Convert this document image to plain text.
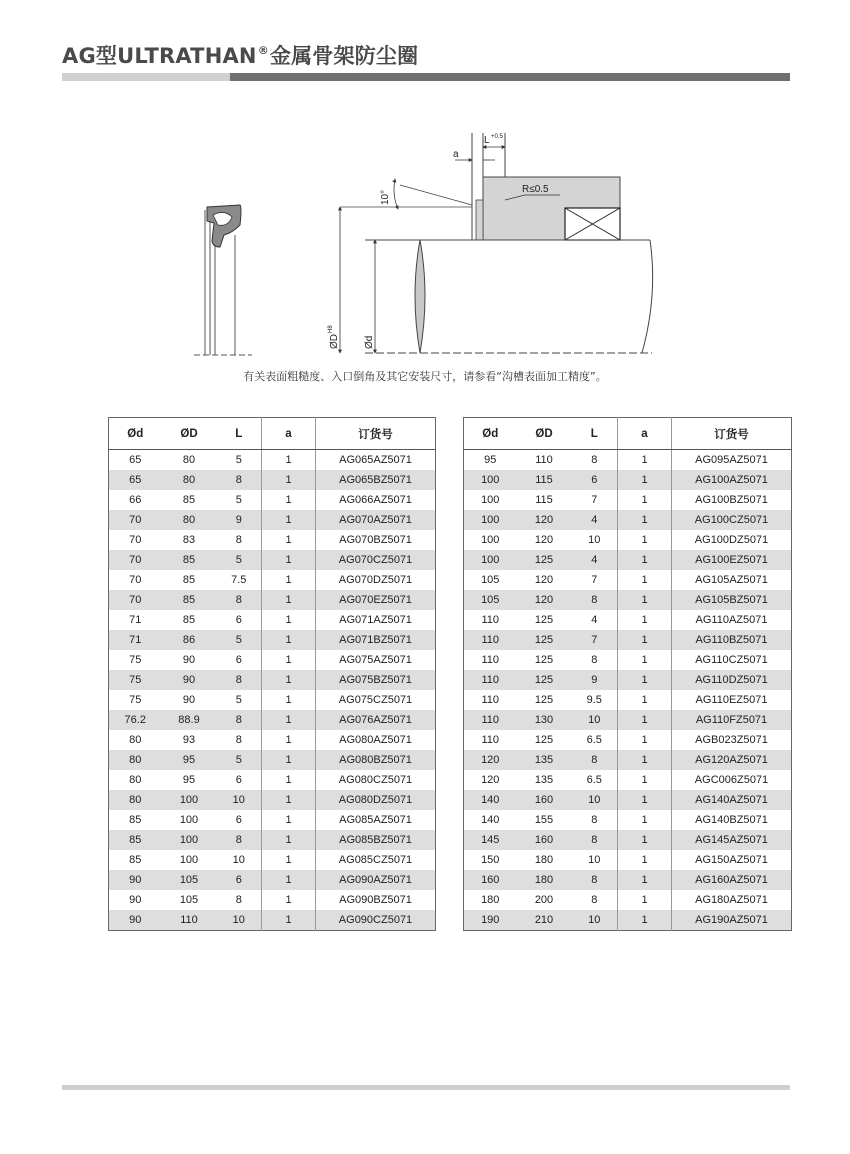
AG型ULTRATHAN®金属骨架防尘圈
L +0.5
a
R≤0.5
10°
ØD
H8
Ød
有关表面粗糙度、入口倒角及其它安装尺寸，请参看“沟槽表面加工精度”。
Ød	ØD	L	a	订货号
65	80	5	1	AG065AZ5071
65	80	8	1	AG065BZ5071
66	85	5	1	AG066AZ5071
70	80	9	1	AG070AZ5071
70	83	8	1	AG070BZ5071
70	85	5	1	AG070CZ5071
70	85	7.5	1	AG070DZ5071
70	85	8	1	AG070EZ5071
71	85	6	1	AG071AZ5071
71	86	5	1	AG071BZ5071
75	90	6	1	AG075AZ5071
75	90	8	1	AG075BZ5071
75	90	5	1	AG075CZ5071
76.2	88.9	8	1	AG076AZ5071
80	93	8	1	AG080AZ5071
80	95	5	1	AG080BZ5071
80	95	6	1	AG080CZ5071
80	100	10	1	AG080DZ5071
85	100	6	1	AG085AZ5071
85	100	8	1	AG085BZ5071
85	100	10	1	AG085CZ5071
90	105	6	1	AG090AZ5071
90	105	8	1	AG090BZ5071
90	110	10	1	AG090CZ5071
Ød	ØD	L	a	订货号
95	110	8	1	AG095AZ5071
100	115	6	1	AG100AZ5071
100	115	7	1	AG100BZ5071
100	120	4	1	AG100CZ5071
100	120	10	1	AG100DZ5071
100	125	4	1	AG100EZ5071
105	120	7	1	AG105AZ5071
105	120	8	1	AG105BZ5071
110	125	4	1	AG110AZ5071
110	125	7	1	AG110BZ5071
110	125	8	1	AG110CZ5071
110	125	9	1	AG110DZ5071
110	125	9.5	1	AG110EZ5071
110	130	10	1	AG110FZ5071
110	125	6.5	1	AGB023Z5071
120	135	8	1	AG120AZ5071
120	135	6.5	1	AGC006Z5071
140	160	10	1	AG140AZ5071
140	155	8	1	AG140BZ5071
145	160	8	1	AG145AZ5071
150	180	10	1	AG150AZ5071
160	180	8	1	AG160AZ5071
180	200	8	1	AG180AZ5071
190	210	10	1	AG190AZ5071
